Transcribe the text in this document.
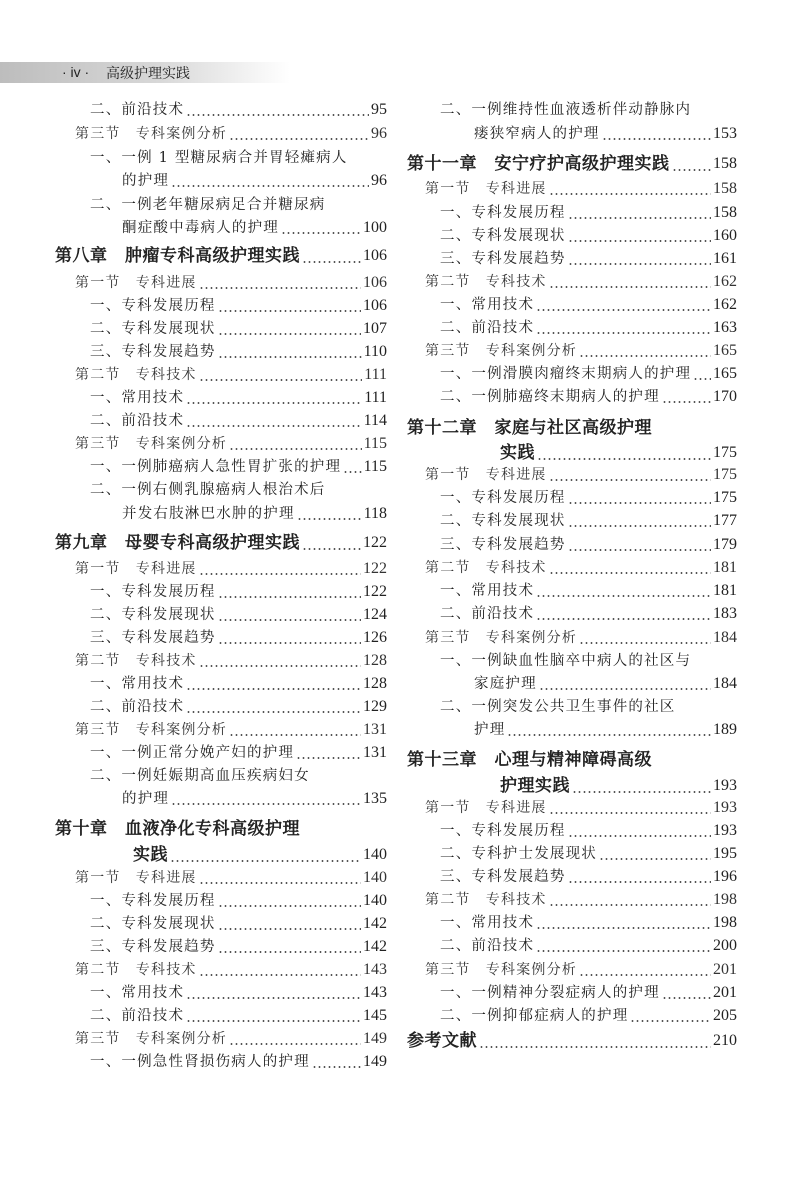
· iv · 高级护理实践
二、前沿技术	95
第三节　专科案例分析	96
一、一例 1 型糖尿病合并胃轻瘫病人
的护理	96
二、一例老年糖尿病足合并糖尿病
酮症酸中毒病人的护理	100
第八章　肿瘤专科高级护理实践	106
第一节　专科进展	106
一、专科发展历程	106
二、专科发展现状	107
三、专科发展趋势	110
第二节　专科技术	111
一、常用技术	111
二、前沿技术	114
第三节　专科案例分析	115
一、一例肺癌病人急性胃扩张的护理 115
二、一例右侧乳腺癌病人根治术后
并发右肢淋巴水肿的护理	118
第九章　母婴专科高级护理实践	122
第一节　专科进展	122
一、专科发展历程	122
二、专科发展现状	124
三、专科发展趋势	126
第二节　专科技术	128
一、常用技术	128
二、前沿技术	129
第三节　专科案例分析	131
一、一例正常分娩产妇的护理	131
二、一例妊娠期高血压疾病妇女
的护理	135
第十章　血液净化专科高级护理
实践	140
第一节　专科进展	140
一、专科发展历程	140
二、专科发展现状	142
三、专科发展趋势	142
第二节　专科技术	143
一、常用技术	143
二、前沿技术	145
第三节　专科案例分析	149
一、一例急性肾损伤病人的护理	149
二、一例维持性血液透析伴动静脉内
瘘狭窄病人的护理	153
第十一章　安宁疗护高级护理实践	158
第一节　专科进展	158
一、专科发展历程	158
二、专科发展现状	160
三、专科发展趋势	161
第二节　专科技术	162
一、常用技术	162
二、前沿技术	163
第三节　专科案例分析	165
一、一例滑膜肉瘤终末期病人的护理 165
二、一例肺癌终末期病人的护理	170
第十二章　家庭与社区高级护理
实践	175
第一节　专科进展	175
一、专科发展历程	175
二、专科发展现状	177
三、专科发展趋势	179
第二节　专科技术	181
一、常用技术	181
二、前沿技术	183
第三节　专科案例分析	184
一、一例缺血性脑卒中病人的社区与
家庭护理	184
二、一例突发公共卫生事件的社区
护理	189
第十三章　心理与精神障碍高级
护理实践	193
第一节　专科进展	193
一、专科发展历程	193
二、专科护士发展现状	195
三、专科发展趋势	196
第二节　专科技术	198
一、常用技术	198
二、前沿技术	200
第三节　专科案例分析	201
一、一例精神分裂症病人的护理	201
二、一例抑郁症病人的护理	205
参考文献	210
